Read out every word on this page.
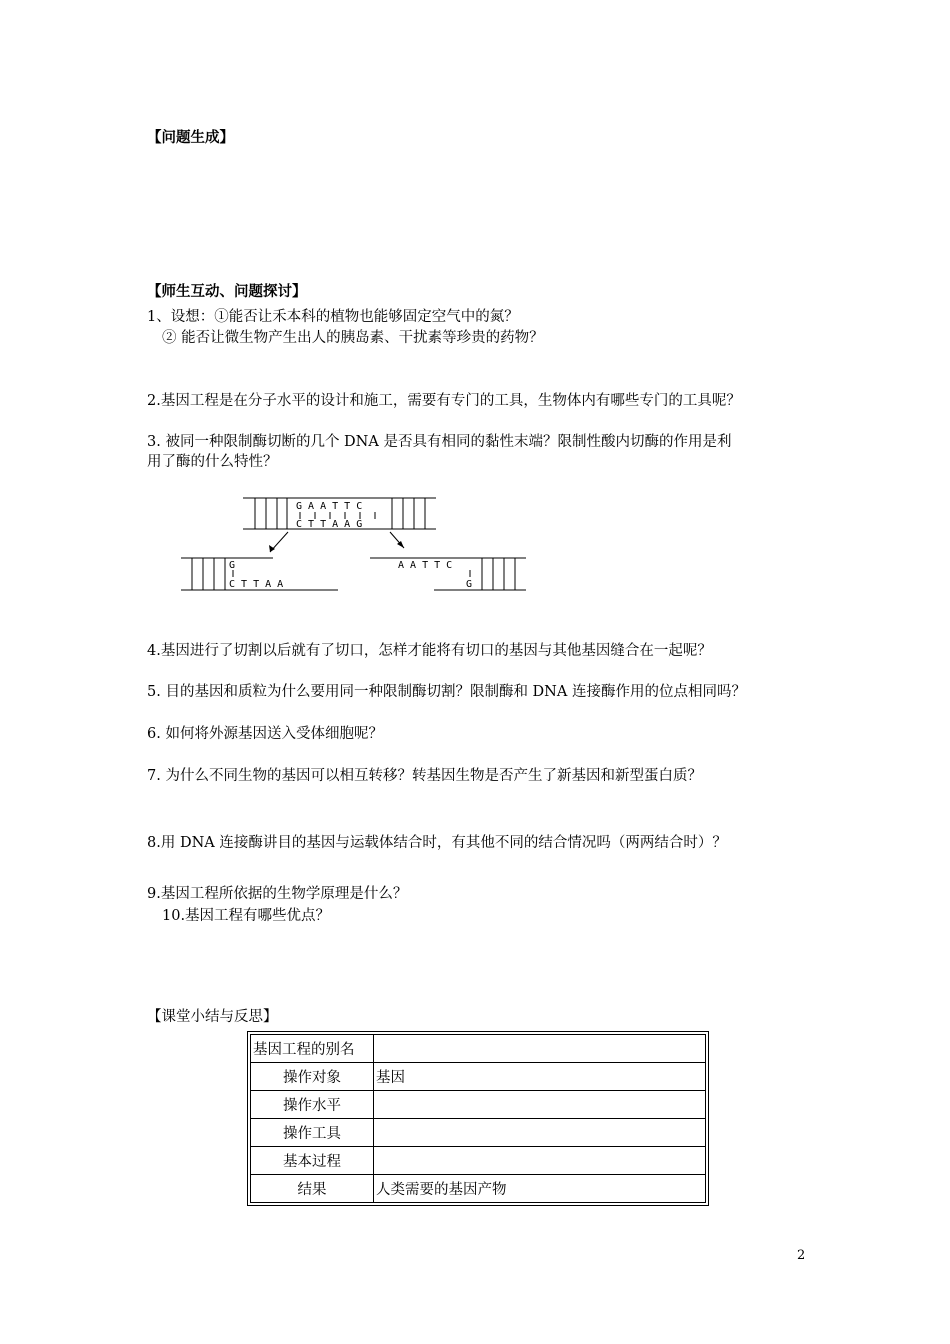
【问题生成】
【师生互动、问题探讨】
1、设想：①能否让禾本科的植物也能够固定空气中的氮？
② 能否让微生物产生出人的胰岛素、干扰素等珍贵的药物？
2.基因工程是在分子水平的设计和施工，需要有专门的工具，生物体内有哪些专门的工具呢？
3. 被同一种限制酶切断的几个 DNA 是否具有相同的黏性末端？限制性酸内切酶的作用是利
用了酶的什么特性？
G A A T T C
C T T A A G
G
C T T A A
A A T T C
G
4.基因进行了切割以后就有了切口，怎样才能将有切口的基因与其他基因缝合在一起呢？
5. 目的基因和质粒为什么要用同一种限制酶切割？限制酶和 DNA 连接酶作用的位点相同吗？
6. 如何将外源基因送入受体细胞呢？
7. 为什么不同生物的基因可以相互转移？转基因生物是否产生了新基因和新型蛋白质？
8.用 DNA 连接酶讲目的基因与运载体结合时，有其他不同的结合情况吗（两两结合时）？
9.基因工程所依据的生物学原理是什么？
10.基因工程有哪些优点？
【课堂小结与反思】
基因工程的别名	
操作对象	基因
操作水平	
操作工具	
基本过程	
结果	人类需要的基因产物
2
